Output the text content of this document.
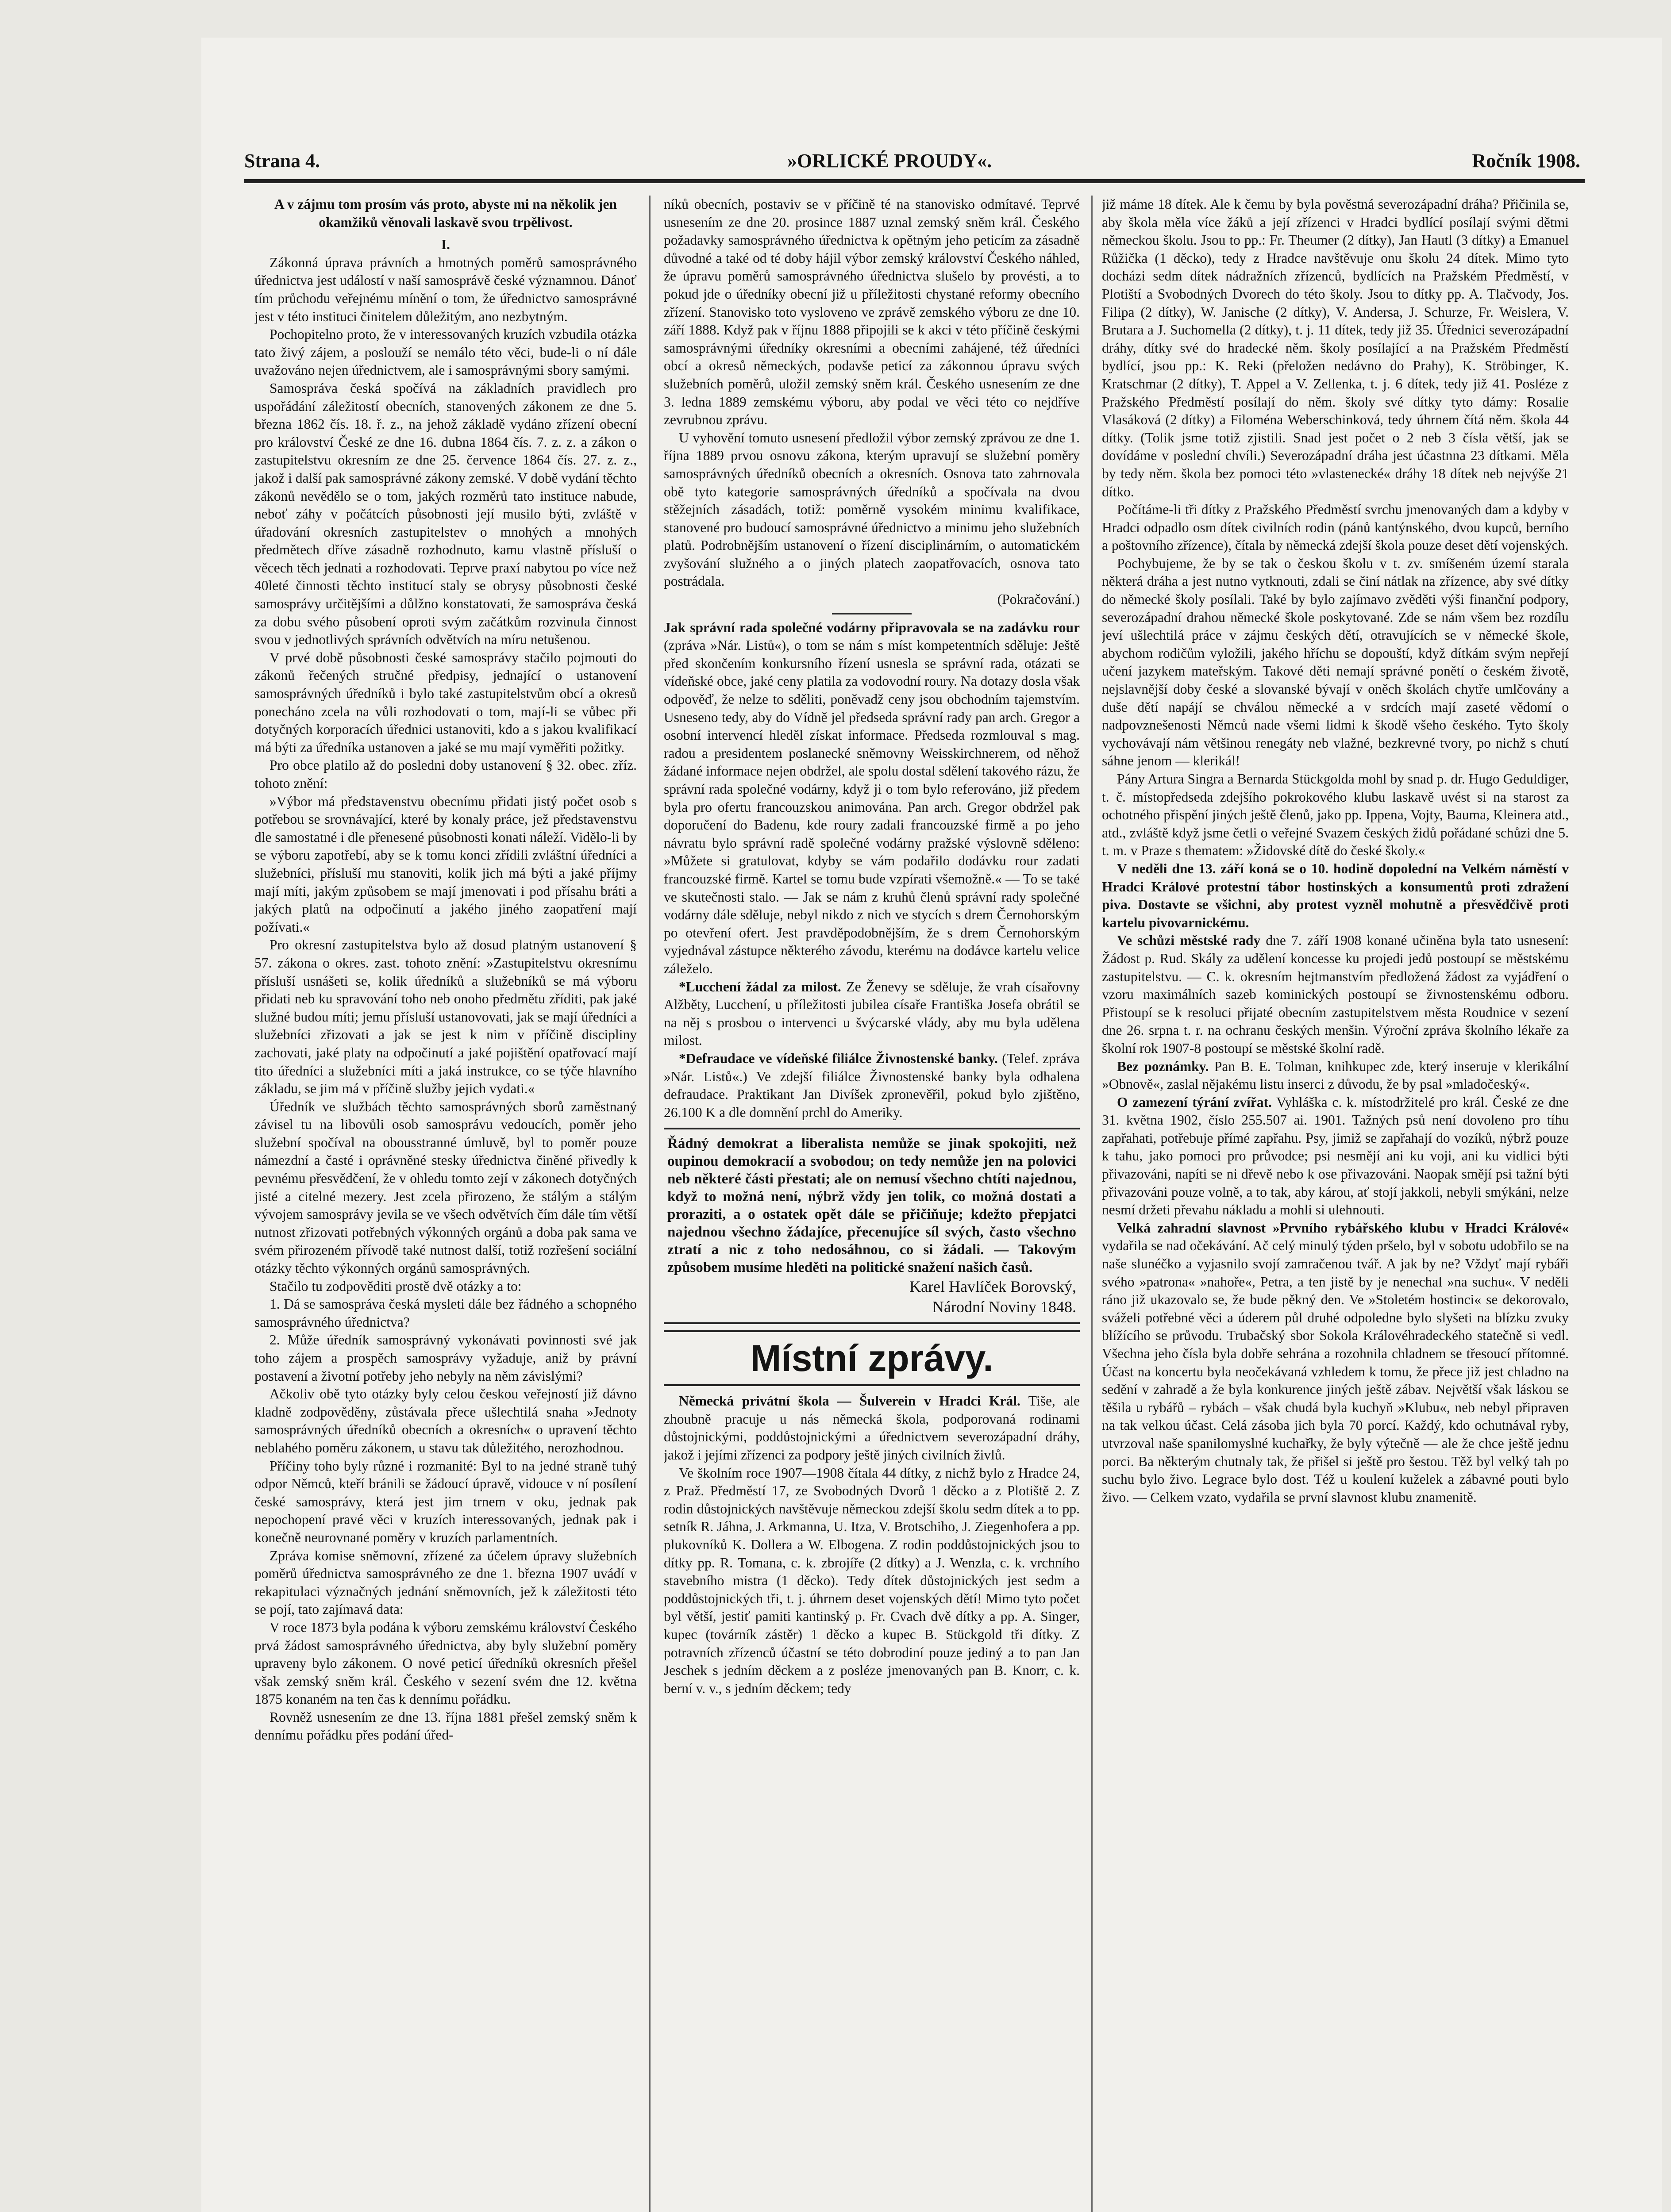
Strana 4.	»ORLICKÉ PROUDY«.	Ročník 1908.

A v zájmu tom prosím vás proto, abyste mi na několik jen okamžiků věnovali laskavě svou trpělivost.

I.

Zákonná úprava právních a hmotných poměrů samosprávného úřednictva jest událostí v naší samosprávě české významnou. Dánoť tím průchodu veřejnému mínění o tom, že úřednictvo samosprávné jest v této instituci činitelem důležitým, ano nezbytným.

Pochopitelno proto, že v interessovaných kruzích vzbudila otázka tato živý zájem, a poslouží se nemálo této věci, bude-li o ní dále uvažováno nejen úřednictvem, ale i samosprávnými sbory samými.

Samospráva česká spočívá na základních pravidlech pro uspořádání záležitostí obecních, stanovených zákonem ze dne 5. března 1862 čís. 18. ř. z., na jehož základě vydáno zřízení obecní pro království České ze dne 16. dubna 1864 čís. 7. z. z. a zákon o zastupitelstvu okresním ze dne 25. července 1864 čís. 27. z. z., jakož i další pak samosprávné zákony zemské. V době vydání těchto zákonů nevědělo se o tom, jakých rozměrů tato instituce nabude, neboť záhy v počátcích působnosti její musilo býti, zvláště v úřadování okresních zastupitelstev o mnohých a mnohých předmětech dříve zásadně rozhodnuto, kamu vlastně přísluší o věcech těch jednati a rozhodovati. Teprve praxí nabytou po více než 40leté činnosti těchto institucí staly se obrysy působnosti české samosprávy určitějšími a důlžno konstatovati, že samospráva česká za dobu svého působení oproti svým začátkům rozvinula činnost svou v jednotlivých správních odvětvích na míru netušenou.

V prvé době působnosti české samosprávy stačilo pojmouti do zákonů řečených stručné předpisy, jednající o ustanovení samosprávných úředníků i bylo také zastupitelstvům obcí a okresů ponecháno zcela na vůli rozhodovati o tom, mají-li se vůbec při dotyčných korporacích úřednici ustanoviti, kdo a s jakou kvalifikací má býti za úředníka ustanoven a jaké se mu mají vyměřiti požitky.

Pro obce platilo až do posledni doby ustanovení § 32. obec. zříz. tohoto znění:

»Výbor má představenstvu obecnímu přidati jistý počet osob s potřebou se srovnávající, které by konaly práce, jež představenstvu dle samostatné i dle přenesené působnosti konati náleží. Vidělo-li by se výboru zapotřebí, aby se k tomu konci zřídili zvláštní úředníci a služebníci, přísluší mu stanoviti, kolik jich má býti a jaké příjmy mají míti, jakým způsobem se mají jmenovati i pod přísahu bráti a jakých platů na odpočinutí a jakého jiného zaopatření mají požívati.«

Pro okresní zastupitelstva bylo až dosud platným ustanovení § 57. zákona o okres. zast. tohoto znění: »Zastupitelstvu okresnímu přísluší usnášeti se, kolik úředníků a služebníků se má výboru přidati neb ku spravování toho neb onoho předmětu zříditi, pak jaké služné budou míti; jemu přísluší ustanovovati, jak se mají úředníci a služebníci zřizovati a jak se jest k nim v příčině discipliny zachovati, jaké platy na odpočinutí a jaké pojištění opatřovací mají tito úředníci a služebníci míti a jaká instrukce, co se týče hlavního základu, se jim má v příčině služby jejich vydati.«

Úředník ve službách těchto samosprávných sborů zaměstnaný závisel tu na libovůli osob samosprávu vedoucích, poměr jeho služební spočíval na obousstranné úmluvě, byl to poměr pouze námezdní a časté i oprávněné stesky úřednictva činěné přivedly k pevnému přesvědčení, že v ohledu tomto zejí v zákonech dotyčných jisté a citelné mezery. Jest zcela přirozeno, že stálým a stálým vývojem samosprávy jevila se ve všech odvětvích čím dále tím větší nutnost zřizovati potřebných výkonných orgánů a doba pak sama ve svém přirozeném přívodě také nutnost další, totiž rozřešení sociální otázky těchto výkonných orgánů samosprávných.

Stačilo tu zodpověditi prostě dvě otázky a to:

1. Dá se samospráva česká mysleti dále bez řádného a schopného samosprávného úřednictva?

2. Může úředník samosprávný vykonávati povinnosti své jak toho zájem a prospěch samosprávy vyžaduje, aniž by právní postavení a životní potřeby jeho nebyly na něm závislými?

Ačkoliv obě tyto otázky byly celou českou veřejností již dávno kladně zodpověděny, zůstávala přece ušlechtilá snaha »Jednoty samosprávných úředníků obecních a okresních« o upravení těchto neblahého poměru zákonem, u stavu tak důležitého, nerozhodnou.

Příčiny toho byly různé i rozmanité: Byl to na jedné straně tuhý odpor Němců, kteří bránili se žádoucí úpravě, vidouce v ní posílení české samosprávy, která jest jim trnem v oku, jednak pak nepochopení pravé věci v kruzích interessovaných, jednak pak i konečně neurovnané poměry v kruzích parlamentních.

Zpráva komise sněmovní, zřízené za účelem úpravy služebních poměrů úřednictva samosprávného ze dne 1. března 1907 uvádí v rekapitulaci význačných jednání sněmovních, jež k záležitosti této se pojí, tato zajímavá data:

V roce 1873 byla podána k výboru zemskému království Českého prvá žádost samosprávného úřednictva, aby byly služební poměry upraveny bylo zákonem. O nové peticí úředníků okresních přešel však zemský sněm král. Českého v sezení svém dne 12. května 1875 konaném na ten čas k dennímu pořádku.

Rovněž usnesením ze dne 13. října 1881 přešel zemský sněm k dennímu pořádku přes podání úřed-

níků obecních, postaviv se v příčině té na stanovisko odmítavé. Teprvé usnesením ze dne 20. prosince 1887 uznal zemský sněm král. Českého požadavky samosprávného úřednictva k opětným jeho peticím za zásadně důvodné a také od té doby hájil výbor zemský království Českého náhled, že úpravu poměrů samosprávného úřednictva slušelo by provésti, a to pokud jde o úředníky obecní již u příležitosti chystané reformy obecního zřízení. Stanovisko toto vysloveno ve zprávě zemského výboru ze dne 10. září 1888. Když pak v říjnu 1888 připojili se k akci v této příčině českými samosprávnými úředníky okresními a obecními zahájené, též úředníci obcí a okresů německých, podavše peticí za zákonnou úpravu svých služebních poměrů, uložil zemský sněm král. Českého usnesením ze dne 3. ledna 1889 zemskému výboru, aby podal ve věci této co nejdříve zevrubnou zprávu.

U vyhovění tomuto usnesení předložil výbor zemský zprávou ze dne 1. října 1889 prvou osnovu zákona, kterým upravují se služební poměry samosprávných úředníků obecních a okresních. Osnova tato zahrnovala obě tyto kategorie samosprávných úředníků a spočívala na dvou stěžejních zásadách, totiž: poměrně vysokém minimu kvalifikace, stanovené pro budoucí samosprávné úřednictvo a minimu jeho služebních platů. Podrobnějším ustanovení o řízení disciplinárním, o automatickém zvyšování služného a o jiných platech zaopatřovacích, osnova tato postrádala.

(Pokračování.)

Jak správní rada společné vodárny připravovala se na zadávku rour (zpráva »Nár. Listů«), o tom se nám s míst kompetentních sděluje: Ještě před skončením konkursního řízení usnesla se správní rada, otázati se vídeňské obce, jaké ceny platila za vodovodní roury. Na dotazy dosla však odpověď, že nelze to sděliti, poněvadž ceny jsou obchodním tajemstvím. Usneseno tedy, aby do Vídně jel předseda správní rady pan arch. Gregor a osobní intervencí hleděl získat informace. Předseda rozmlouval s mag. radou a presidentem poslanecké sněmovny Weisskirchnerem, od něhož žádané informace nejen obdržel, ale spolu dostal sdělení takového rázu, že správní rada společné vodárny, když ji o tom bylo referováno, již předem byla pro ofertu francouzskou animována. Pan arch. Gregor obdržel pak doporučení do Badenu, kde roury zadali francouzské firmě a po jeho návratu bylo správní radě společné vodárny pražské výslovně sděleno: »Můžete si gratulovat, kdyby se vám podařilo dodávku rour zadati francouzské firmě. Kartel se tomu bude vzpírati všemožně.« — To se také ve skutečnosti stalo. — Jak se nám z kruhů členů správní rady společné vodárny dále sděluje, nebyl nikdo z nich ve stycích s drem Černohorským po otevření ofert. Jest pravděpodobnějším, že s drem Černohorským vyjednával zástupce některého závodu, kterému na dodávce kartelu velice záleželo.

*Lucchení žádal za milost. Ze Ženevy se sděluje, že vrah císařovny Alžběty, Lucchení, u příležitosti jubilea císaře Františka Josefa obrátil se na něj s prosbou o intervenci u švýcarské vlády, aby mu byla udělena milost.

*Defraudace ve vídeňské filiálce Živnostenské banky. (Telef. zpráva »Nár. Listů«.) Ve zdejší filiálce Živnostenské banky byla odhalena defraudace. Praktikant Jan Divíšek zpronevěřil, pokud bylo zjištěno, 26.100 K a dle domnění prchl do Ameriky.

Řádný demokrat a liberalista nemůže se jinak spokojiti, než oupinou demokracií a svobodou; on tedy nemůže jen na polovici neb některé části přestati; ale on nemusí všechno chtíti najednou, když to možná není, nýbrž vždy jen tolik, co možná dostati a proraziti, a o ostatek opět dále se přičiňuje; kdežto přepjatci najednou všechno žádajíce, přecenujíce síl svých, často všechno ztratí a nic z toho nedosáhnou, co si žádali. — Takovým způsobem musíme hleděti na politické snažení našich časů.

Karel Havlíček Borovský,

Národní Noviny 1848.

Místní zprávy.

Německá privátní škola — Šulverein v Hradci Král. Tiše, ale zhoubně pracuje u nás německá škola, podporovaná rodinami důstojnickými, poddůstojnickými a úřednictvem severozápadní dráhy, jakož i jejími zřízenci za podpory ještě jiných civilních živlů.

Ve školním roce 1907—1908 čítala 44 dítky, z nichž bylo z Hradce 24, z Praž. Předměstí 17, ze Svobodných Dvorů 1 děcko a z Plotiště 2. Z rodin důstojnických navštěvuje německou zdejší školu sedm dítek a to pp. setník R. Jáhna, J. Arkmanna, U. Itza, V. Brotschiho, J. Ziegenhofera a pp. plukovníků K. Dollera a W. Elbogena. Z rodin poddůstojnických jsou to dítky pp. R. Tomana, c. k. zbrojíře (2 dítky) a J. Wenzla, c. k. vrchního stavebního mistra (1 děcko). Tedy dítek důstojnických jest sedm a poddůstojnických tři, t. j. úhrnem deset vojenských dětí! Mimo tyto počet byl větší, jestiť pamiti kantinský p. Fr. Cvach dvě dítky a pp. A. Singer, kupec (továrník zástěr) 1 děcko a kupec B. Stückgold tři dítky. Z potravních zřízenců účastní se této dobrodiní pouze jediný a to pan Jan Jeschek s jedním děckem a z posléze jmenovaných pan B. Knorr, c. k. berní v. v., s jedním děckem; tedy

již máme 18 dítek. Ale k čemu by byla pověstná severozápadní dráha? Přičinila se, aby škola měla více žáků a její zřízenci v Hradci bydlící posílají svými dětmi německou školu. Jsou to pp.: Fr. Theumer (2 dítky), Jan Hautl (3 dítky) a Emanuel Růžička (1 děcko), tedy z Hradce navštěvuje onu školu 24 dítek. Mimo tyto docházi sedm dítek nádražních zřízenců, bydlících na Pražském Předměstí, v Plotiští a Svobodných Dvorech do této školy. Jsou to dítky pp. A. Tlačvody, Jos. Filipa (2 dítky), W. Janische (2 dítky), V. Andersa, J. Schurze, Fr. Weislera, V. Brutara a J. Suchomella (2 dítky), t. j. 11 dítek, tedy již 35. Úřednici severozápadní dráhy, dítky své do hradecké něm. školy posílající a na Pražském Předměstí bydlící, jsou pp.: K. Reki (přeložen nedávno do Prahy), K. Ströbinger, K. Kratschmar (2 dítky), T. Appel a V. Zellenka, t. j. 6 dítek, tedy již 41. Posléze z Pražského Předměstí posílají do něm. školy své dítky tyto dámy: Rosalie Vlasáková (2 dítky) a Filoména Weberschinková, tedy úhrnem čítá něm. škola 44 dítky. (Tolik jsme totiž zjistili. Snad jest počet o 2 neb 3 čísla větší, jak se dovídáme v poslední chvíli.) Severozápadní dráha jest účastnna 23 dítkami. Měla by tedy něm. škola bez pomoci této »vlastenecké« dráhy 18 dítek neb nejvýše 21 dítko.

Počítáme-li tři dítky z Pražského Předměstí svrchu jmenovaných dam a kdyby v Hradci odpadlo osm dítek civilních rodin (pánů kantýnského, dvou kupců, berního a poštovního zřízence), čítala by německá zdejší škola pouze deset dětí vojenských.

Pochybujeme, že by se tak o českou školu v t. zv. smíšeném území starala některá dráha a jest nutno vytknouti, zdali se činí nátlak na zřízence, aby své dítky do německé školy posílali. Také by bylo zajímavo zvěděti výši finanční podpory, severozápadní drahou německé škole poskytované. Zde se nám všem bez rozdílu jeví ušlechtilá práce v zájmu českých dětí, otravujících se v německé škole, abychom rodičům vyložili, jakého hříchu se dopouští, když dítkám svým nepřejí učení jazykem mateřským. Takové děti nemají správné ponětí o českém životě, nejslavnější doby české a slovanské bývají v oněch školách chytře umlčovány a duše dětí napájí se chválou německé a v srdcích mají zaseté vědomí o nadpovznešenosti Němců nade všemi lidmi k škodě všeho českého. Tyto školy vychovávají nám většinou renegáty neb vlažné, bezkrevné tvory, po nichž s chutí sáhne jenom — klerikál!

Pány Artura Singra a Bernarda Stückgolda mohl by snad p. dr. Hugo Geduldiger, t. č. místopředseda zdejšího pokrokového klubu laskavě uvést si na starost za ochotného přispění jiných ještě členů, jako pp. Ippena, Vojty, Bauma, Kleinera atd., atd., zvláště když jsme četli o veřejné Svazem českých židů pořádané schůzi dne 5. t. m. v Praze s thematem: »Židovské dítě do české školy.«

V neděli dne 13. září koná se o 10. hodině dopolední na Velkém náměstí v Hradci Králové protestní tábor hostinských a konsumentů proti zdražení piva. Dostavte se všichni, aby protest vyzněl mohutně a přesvědčivě proti kartelu pivovarnickému.

Ve schůzi městské rady dne 7. září 1908 konané učiněna byla tato usnesení: Žádost p. Rud. Skály za udělení koncesse ku projedi jedů postoupí se městskému zastupitelstvu. — C. k. okresním hejtmanstvím předložená žádost za vyjádření o vzoru maximálních sazeb kominických postoupí se živnostenskému odboru. Přistoupí se k resoluci přijaté obecním zastupitelstvem města Roudnice v sezení dne 26. srpna t. r. na ochranu českých menšin. Výroční zpráva školního lékaře za školní rok 1907-8 postoupí se městské školní radě.

Bez poznámky. Pan B. E. Tolman, knihkupec zde, který inseruje v klerikální »Obnově«, zaslal nějakému listu inserci z důvodu, že by psal »mladočeský«.

O zamezení týrání zvířat. Vyhláška c. k. místodržitelé pro král. České ze dne 31. května 1902, číslo 255.507 ai. 1901. Tažných psů není dovoleno pro tíhu zapřahati, potřebuje přímé zapřahu. Psy, jimiž se zapřahají do vozíků, nýbrž pouze k tahu, jako pomoci pro průvodce; psi nesmějí ani ku voji, ani ku vidlici býti přivazováni, napíti se ni dřevě nebo k ose přivazováni. Naopak smějí psi tažní býti přivazováni pouze volně, a to tak, aby károu, ať stojí jakkoli, nebyli smýkáni, nelze nesmí držeti převahu nákladu a mohli si ulehnouti.

Velká zahradní slavnost »Prvního rybářského klubu v Hradci Králové« vydařila se nad očekávání. Ač celý minulý týden pršelo, byl v sobotu udobřilo se na naše slunéčko a vyjasnilo svojí zamračenou tvář. A jak by ne? Vždyť mají rybáři svého »patrona« »nahoře«, Petra, a ten jistě by je nenechal »na suchu«. V neděli ráno již ukazovalo se, že bude pěkný den. Ve »Stoletém hostinci« se dekorovalo, sváželi potřebné věci a úderem půl druhé odpoledne bylo slyšeti na blízku zvuky blížícího se průvodu. Trubačský sbor Sokola Královéhradeckého statečně si vedl. Všechna jeho čísla byla dobře sehrána a rozohnila chladnem se třesoucí přítomné. Účast na koncertu byla neočekávaná vzhledem k tomu, že přece již jest chladno na sedění v zahradě a že byla konkurence jiných ještě zábav. Největší však láskou se těšila u rybářů – rybách – však chudá byla kuchyň »Klubu«, neb nebyl připraven na tak velkou účast. Celá zásoba jich byla 70 porcí. Každý, kdo ochutnával ryby, utvrzoval naše spanilomyslné kuchařky, že byly výtečně — ale že chce ještě jednu porci. Ba některým chutnaly tak, že přišel si ještě pro šestou. Těž byl velký tah po suchu bylo živo. Legrace bylo dost. Též u koulení kuželek a zábavné pouti bylo živo. — Celkem vzato, vydařila se první slavnost klubu znamenitě.
